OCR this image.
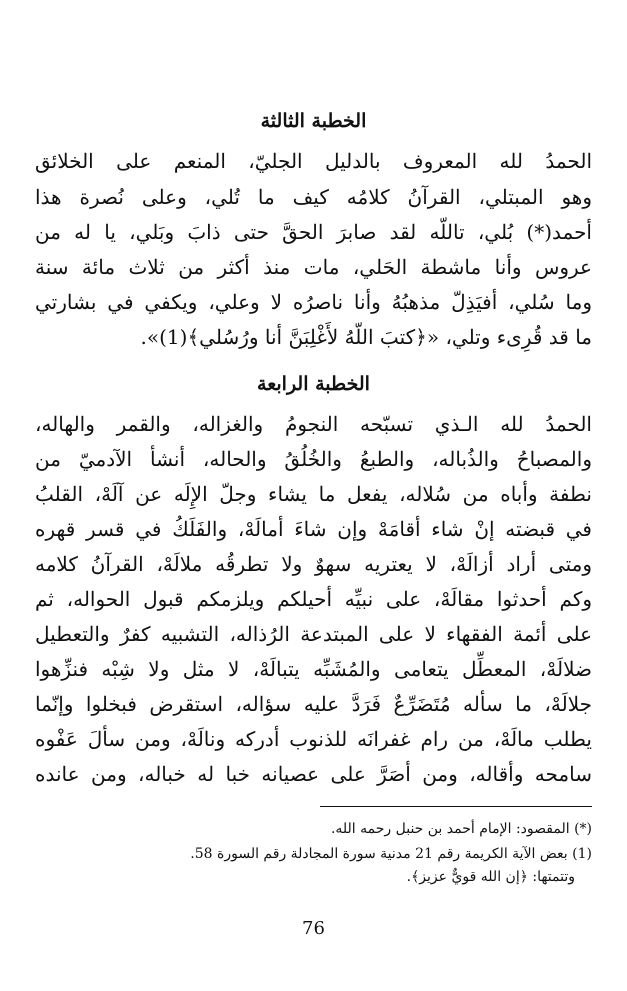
الخطبة الثالثة
الحمدُ لله المعروف بالدليل الجليّ، المنعم على الخلائق
وهو المبتلي، القرآنُ كلامُه كيف ما تُلي، وعلى نُصرة هذا
أحمد(*) بُلي، تاللّه لقد صابرَ الحقَّ حتى ذابَ وبَلي، يا له من
عروس وأنا ماشطة الحَلي، مات منذ أكثر من ثلاث مائة سنة
وما سُلي، أفيَذِلّ مذهبُهُ وأنا ناصرُه لا وعلي، ويكفي في بشارتي
ما قد قُرِىء وتلي، «﴿كتبَ اللّهُ لأَغْلِبَنَّ أنا ورُسُلي﴾(1)».
الخطبة الرابعة
الحمدُ لله الـذي تسبّحه النجومُ والغزاله، والقمر والهاله،
والمصباحُ والذُباله، والطبعُ والخُلُقُ والحاله، أنشأ الآدميّ من
نطفة وأباه من سُلاله، يفعل ما يشاء وجلّ الإِلَه عن آلَهْ، القلبُ
في قبضته إنْ شاء أقامَهْ وإن شاءَ أمالَهْ، والفَلَكُ في قسر قهره
ومتى أراد أزالَهْ، لا يعتريه سهوٌ ولا تطرقُه ملالَهْ، القرآنُ كلامه
وكم أحدثوا مقالَهْ، على نبيِّه أحيلكم ويلزمكم قبول الحواله، ثم
على أئمة الفقهاء لا على المبتدعة الرُذاله، التشبيه كفرٌ والتعطيل
ضلالَهْ، المعطِّل يتعامى والمُشَبِّه يتبالَهْ، لا مثل ولا شِبْه فنزِّهوا
جلالَهْ، ما سأله مُتَضَرِّعٌ فَرَدَّ عليه سؤاله، استقرض فبخلوا وإنّما
يطلب مالَهْ، من رام غفرانَه للذنوب أدركه ونالَهْ، ومن سألَ عَفْوه
سامحه وأقاله، ومن أصَرَّ على عصيانه خبا له خباله، ومن عانده
(*) المقصود: الإمام أحمد بن حنبل رحمه الله.
(1) بعض الآية الكريمة رقم 21 مدنية سورة المجادلة رقم السورة 58.
وتتمتها: ﴿إن الله قويٌّ عزيز﴾.
76
